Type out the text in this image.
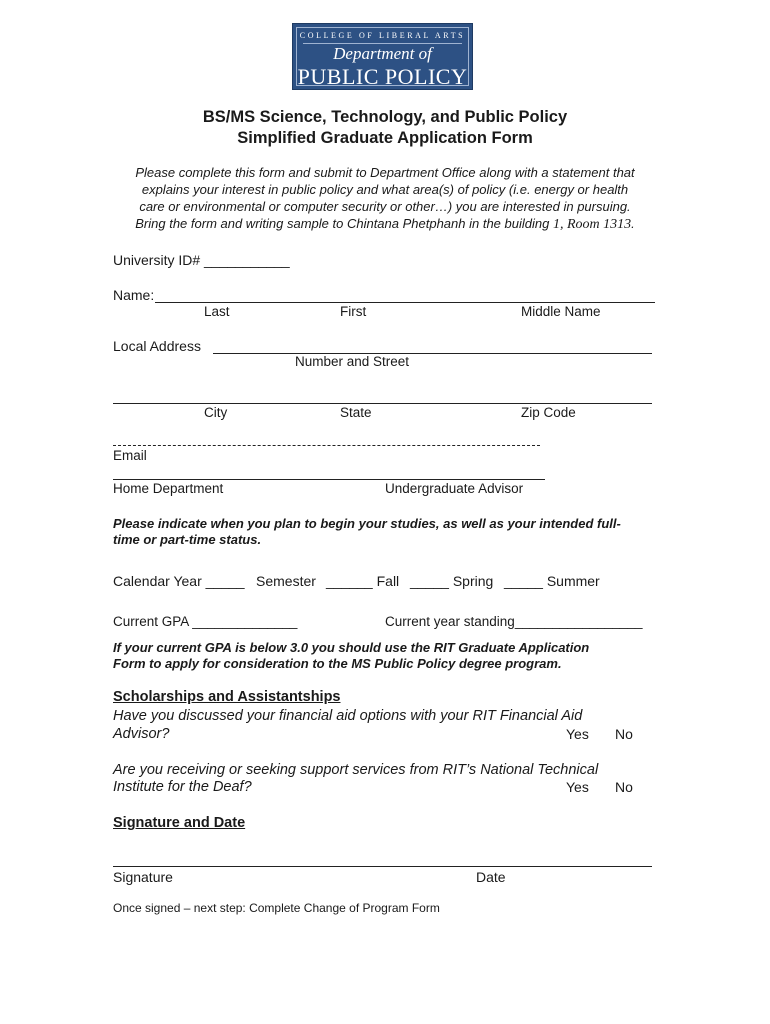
COLLEGE OF LIBERAL ARTS
Department of
PUBLIC POLICY
BS/MS Science, Technology, and Public Policy
Simplified Graduate Application Form
Please complete this form and submit to Department Office along with a statement that
explains your interest in public policy and what area(s) of policy (i.e. energy or health
care or environmental or computer security or other…) you are interested in pursuing.
Bring the form and writing sample to Chintana Phetphanh in the building 1, Room 1313.
University ID# ___________
Name:
Last	First	Middle Name
Local Address
Number and Street
City	State	Zip Code
Email
Home Department	Undergraduate Advisor
Please indicate when you plan to begin your studies, as well as your intended full-
time or part-time status.
Calendar Year _____ Semester ______ Fall _____ Spring _____ Summer
Current GPA ______________	Current year standing_________________
If your current GPA is below 3.0 you should use the RIT Graduate Application
Form to apply for consideration to the MS Public Policy degree program.
Scholarships and Assistantships
Have you discussed your financial aid options with your RIT Financial Aid
Advisor?	Yes No
Are you receiving or seeking support services from RIT’s National Technical
Institute for the Deaf?	Yes No
Signature and Date
Signature	Date
Once signed – next step: Complete Change of Program Form
